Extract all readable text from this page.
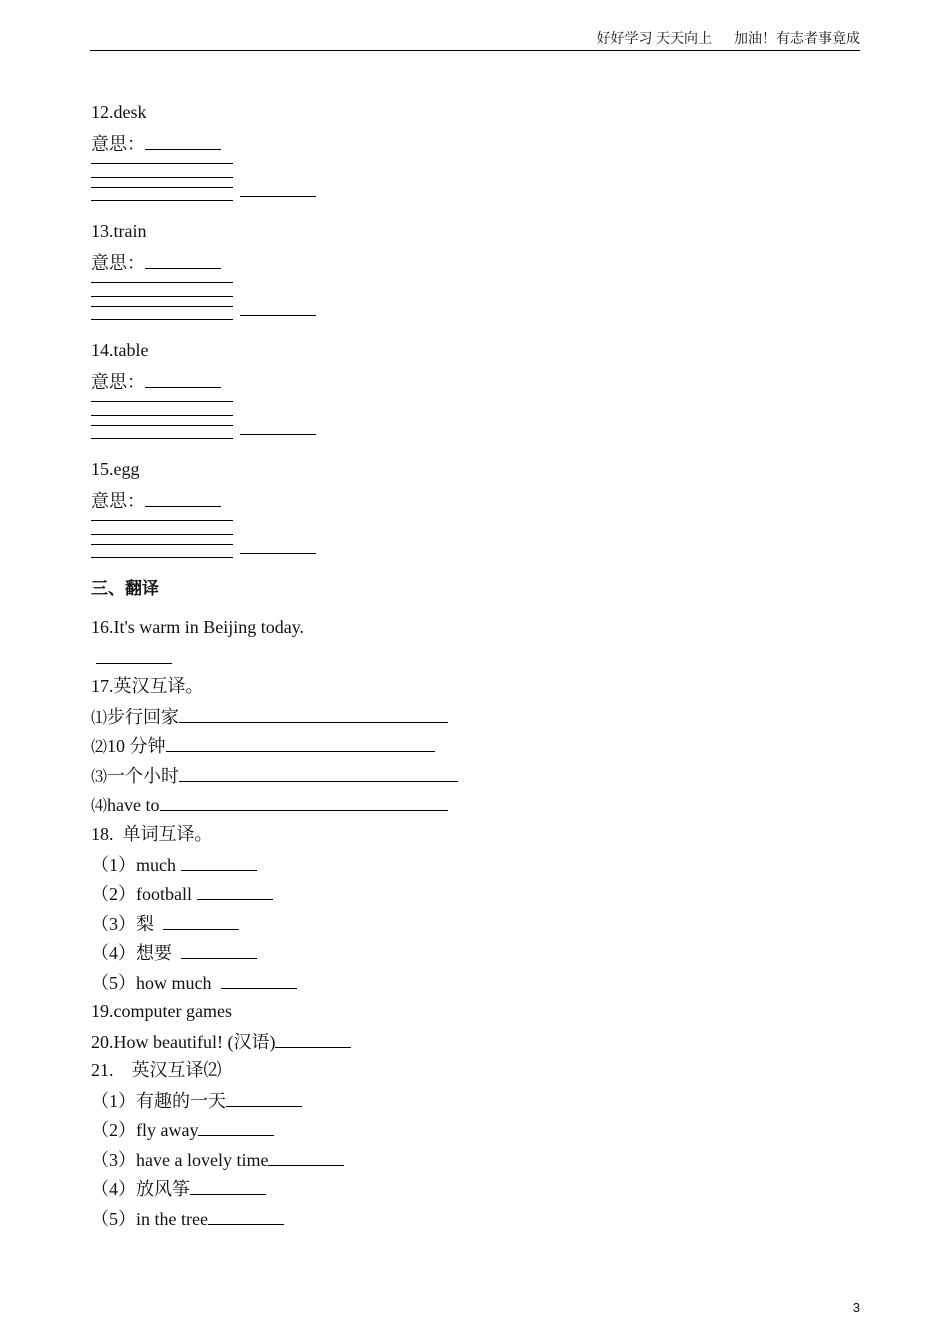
好好学习 天天向上 加油！有志者事竟成
12.desk
意思：
13.train
意思：
14.table
意思：
15.egg
意思：
三、翻译
16.It's warm in Beijing today.
17.英汉互译。
⑴步行回家
⑵10 分钟
⑶一个小时
⑷have to
18.  单词互译。
（1）much
（2）football
（3）梨
（4）想要
（5）how much
19.computer games
20.How beautiful! (汉语)
21.    英汉互译⑵
（1）有趣的一天
（2）fly away
（3）have a lovely time
（4）放风筝
（5）in the tree
3
